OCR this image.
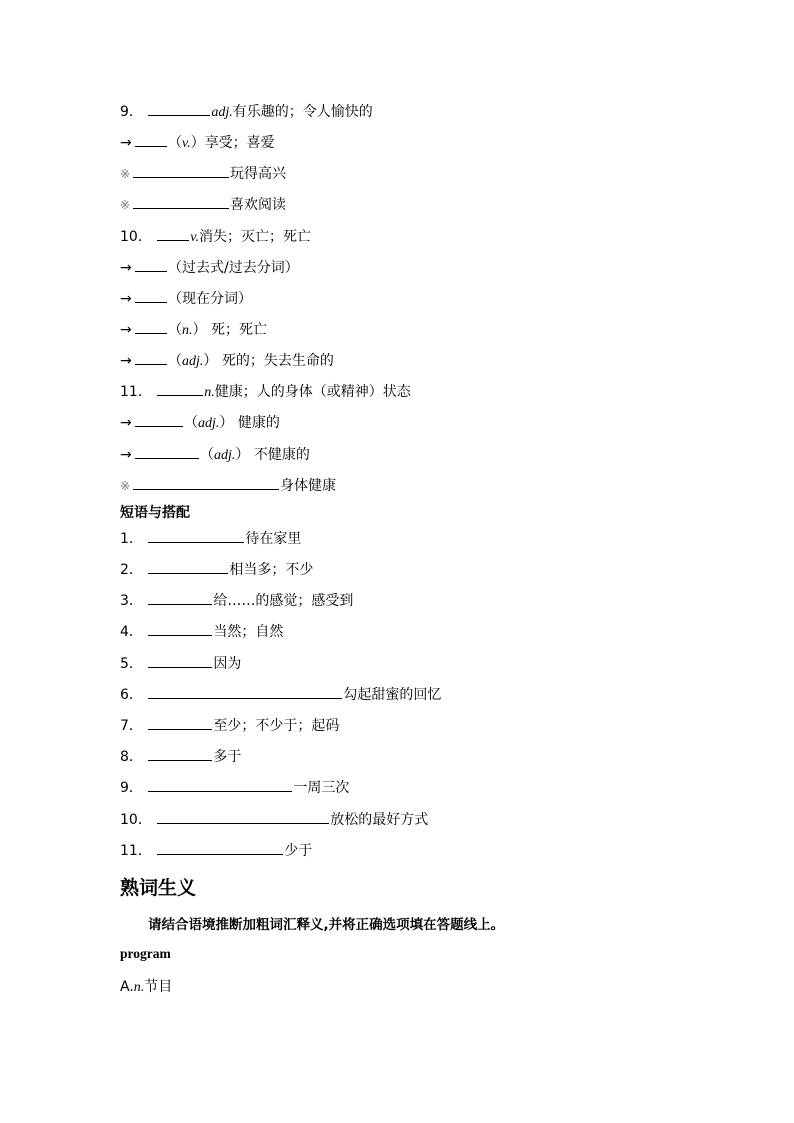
9．	adj.有乐趣的；令人愉快的
→	（v.）享受；喜爱
※	玩得高兴
※	喜欢阅读
10．	v.消失；灭亡；死亡
→	（过去式/过去分词）
→	（现在分词）
→	（n.） 死；死亡
→	（adj.） 死的；失去生命的
11．	n.健康；人的身体（或精神）状态
→	（adj.） 健康的
→	（adj.） 不健康的
※	身体健康
短语与搭配
1．	待在家里
2．	相当多；不少
3．	给……的感觉；感受到
4．	当然；自然
5．	因为
6．	勾起甜蜜的回忆
7．	至少；不少于；起码
8．	多于
9．	一周三次
10．	放松的最好方式
11．	少于
熟词生义
请结合语境推断加粗词汇释义,并将正确选项填在答题线上。
program
A.n.节目
